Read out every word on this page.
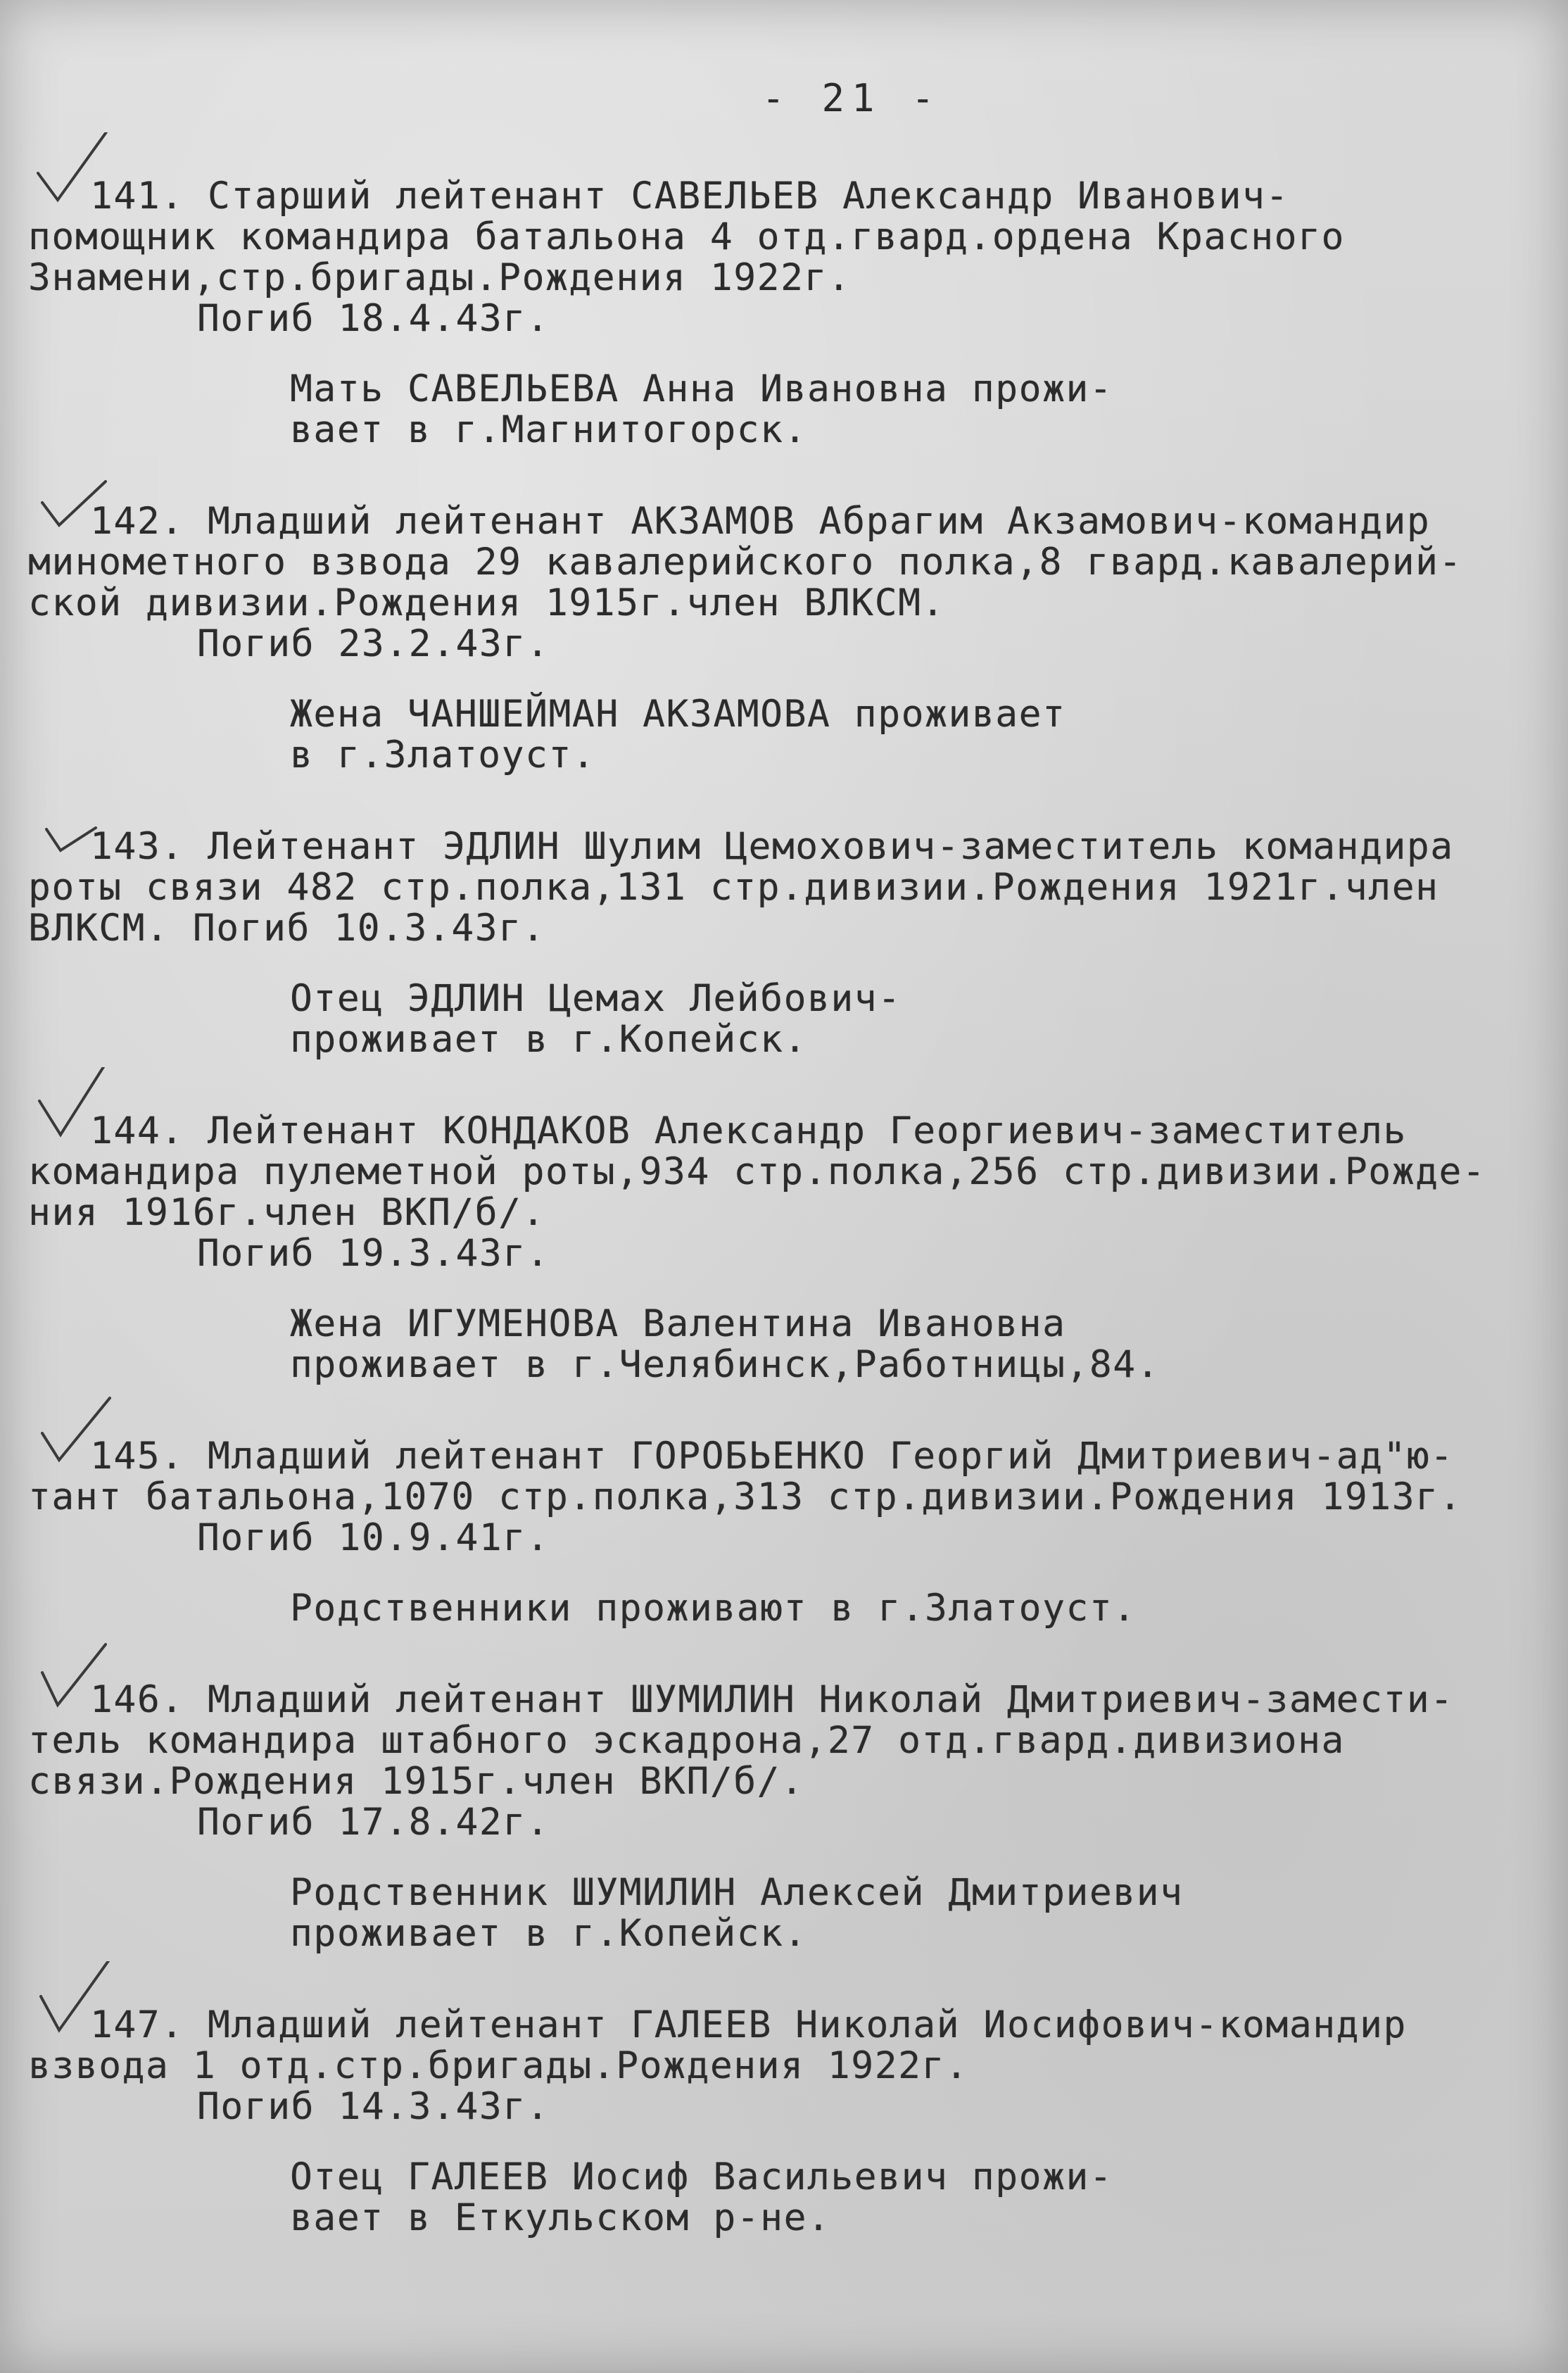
- 21 -
141. Старший лейтенант САВЕЛЬЕВ Александр Иванович-
помощник командира батальона 4 отд.гвард.ордена Красного
Знамени,стр.бригады.Рождения 1922г.
Погиб 18.4.43г.
Мать САВЕЛЬЕВА Анна Ивановна прожи-
вает в г.Магнитогорск.
142. Младший лейтенант АКЗАМОВ Абрагим Акзамович-командир
минометного взвода 29 кавалерийского полка,8 гвард.кавалерий-
ской дивизии.Рождения 1915г.член ВЛКСМ.
Погиб 23.2.43г.
Жена ЧАНШЕЙМАН АКЗАМОВА проживает
в г.Златоуст.
143. Лейтенант ЭДЛИН Шулим Цемохович-заместитель командира
роты связи 482 стр.полка,131 стр.дивизии.Рождения 1921г.член
ВЛКСМ. Погиб 10.3.43г.
Отец ЭДЛИН Цемах Лейбович-
проживает в г.Копейск.
144. Лейтенант КОНДАКОВ Александр Георгиевич-заместитель
командира пулеметной роты,934 стр.полка,256 стр.дивизии.Рожде-
ния 1916г.член ВКП/б/.
Погиб 19.3.43г.
Жена ИГУМЕНОВА Валентина Ивановна
проживает в г.Челябинск,Работницы,84.
145. Младший лейтенант ГОРОБЬЕНКО Георгий Дмитриевич-ад"ю-
тант батальона,1070 стр.полка,313 стр.дивизии.Рождения 1913г.
Погиб 10.9.41г.
Родственники проживают в г.Златоуст.
146. Младший лейтенант ШУМИЛИН Николай Дмитриевич-замести-
тель командира штабного эскадрона,27 отд.гвард.дивизиона
связи.Рождения 1915г.член ВКП/б/.
Погиб 17.8.42г.
Родственник ШУМИЛИН Алексей Дмитриевич
проживает в г.Копейск.
147. Младший лейтенант ГАЛЕЕВ Николай Иосифович-командир
взвода 1 отд.стр.бригады.Рождения 1922г.
Погиб 14.3.43г.
Отец ГАЛЕЕВ Иосиф Васильевич прожи-
вает в Еткульском р-не.
